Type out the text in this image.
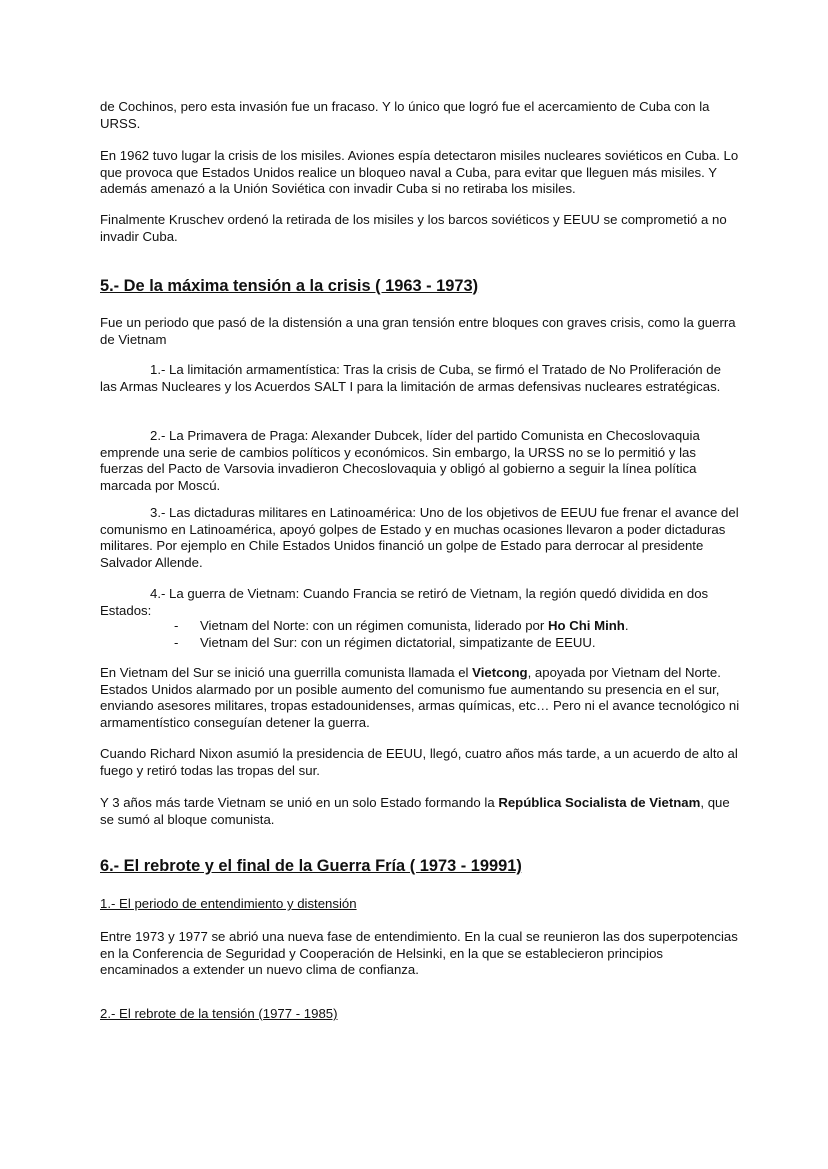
de Cochinos, pero esta invasión fue un fracaso. Y lo único que logró fue el acercamiento de Cuba con la URSS.

En 1962 tuvo lugar la crisis de los misiles. Aviones espía detectaron misiles nucleares soviéticos en Cuba. Lo que provoca que Estados Unidos realice un bloqueo naval a Cuba, para evitar que lleguen más misiles. Y además amenazó a la Unión Soviética con invadir Cuba si no retiraba los misiles.

Finalmente Kruschev ordenó la retirada de los misiles y los barcos soviéticos y EEUU se comprometió a no invadir Cuba.

5.- De la máxima tensión a la crisis ( 1963 - 1973)

Fue un periodo que pasó de la distensión a una gran tensión entre bloques con graves crisis, como la guerra de Vietnam

1.- La limitación armamentística: Tras la crisis de Cuba, se firmó el Tratado de No Proliferación de las Armas Nucleares y los Acuerdos SALT I para la limitación de armas defensivas nucleares estratégicas.

2.- La Primavera de Praga: Alexander Dubcek, líder del partido Comunista en Checoslovaquia emprende una serie de cambios políticos y económicos. Sin embargo, la URSS no se lo permitió y las fuerzas del Pacto de Varsovia invadieron Checoslovaquia y obligó al gobierno a seguir la línea política marcada por Moscú.

3.- Las dictaduras militares en Latinoamérica: Uno de los objetivos de EEUU fue frenar el avance del comunismo en Latinoamérica, apoyó golpes de Estado y en muchas ocasiones llevaron a poder dictaduras militares. Por ejemplo en Chile Estados Unidos financió un golpe de Estado para derrocar al presidente Salvador Allende.

4.- La guerra de Vietnam: Cuando Francia se retiró de Vietnam, la región quedó dividida en dos Estados:

- Vietnam del Norte: con un régimen comunista, liderado por Ho Chi Minh.
- Vietnam del Sur: con un régimen dictatorial, simpatizante de EEUU.

En Vietnam del Sur se inició una guerrilla comunista llamada el Vietcong, apoyada por Vietnam del Norte. Estados Unidos alarmado por un posible aumento del comunismo fue aumentando su presencia en el sur, enviando asesores militares, tropas estadounidenses, armas químicas, etc… Pero ni el avance tecnológico ni armamentístico conseguían detener la guerra.

Cuando Richard Nixon asumió la presidencia de EEUU, llegó, cuatro años más tarde, a un acuerdo de alto al fuego y retiró todas las tropas del sur.

Y 3 años más tarde Vietnam se unió en un solo Estado formando la República Socialista de Vietnam, que se sumó al bloque comunista.

6.- El rebrote y el final de la Guerra Fría ( 1973 - 19991)

1.- El periodo de entendimiento y distensión

Entre 1973 y 1977 se abrió una nueva fase de entendimiento. En la cual se reunieron las dos superpotencias en la Conferencia de Seguridad y Cooperación de Helsinki, en la que se establecieron principios encaminados a extender un nuevo clima de confianza.

2.- El rebrote de la tensión (1977 - 1985)
